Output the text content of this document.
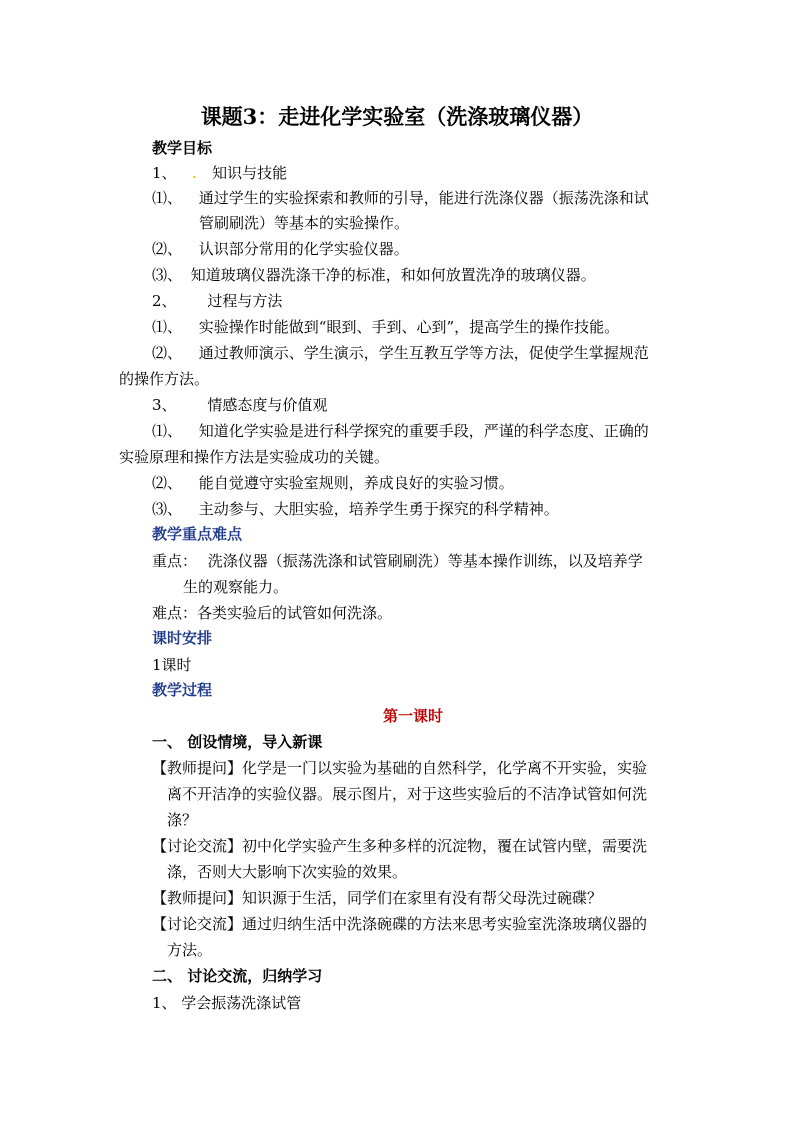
课题3：走进化学实验室（洗涤玻璃仪器）
教学目标
1、 . 知识与技能
⑴、 通过学生的实验探索和教师的引导，能进行洗涤仪器（振荡洗涤和试
管刷刷洗）等基本的实验操作。
⑵、 认识部分常用的化学实验仪器。
⑶、 知道玻璃仪器洗涤干净的标准，和如何放置洗净的玻璃仪器。
2、 过程与方法
⑴、 实验操作时能做到“眼到、手到、心到”，提高学生的操作技能。
⑵、 通过教师演示、学生演示，学生互教互学等方法，促使学生掌握规范
的操作方法。
3、 情感态度与价值观
⑴、 知道化学实验是进行科学探究的重要手段，严谨的科学态度、正确的
实验原理和操作方法是实验成功的关键。
⑵、 能自觉遵守实验室规则，养成良好的实验习惯。
⑶、 主动参与、大胆实验，培养学生勇于探究的科学精神。
教学重点难点
重点： 洗涤仪器（振荡洗涤和试管刷刷洗）等基本操作训练，以及培养学
生的观察能力。
难点：各类实验后的试管如何洗涤。
课时安排
1课时
教学过程
第一课时
一、 创设情境，导入新课
【教师提问】化学是一门以实验为基础的自然科学，化学离不开实验，实验
离不开洁净的实验仪器。展示图片，对于这些实验后的不洁净试管如何洗
涤？
【讨论交流】初中化学实验产生多种多样的沉淀物，覆在试管内壁，需要洗
涤，否则大大影响下次实验的效果。
【教师提问】知识源于生活，同学们在家里有没有帮父母洗过碗碟？
【讨论交流】通过归纳生活中洗涤碗碟的方法来思考实验室洗涤玻璃仪器的
方法。
二、 讨论交流，归纳学习
1、 学会振荡洗涤试管
